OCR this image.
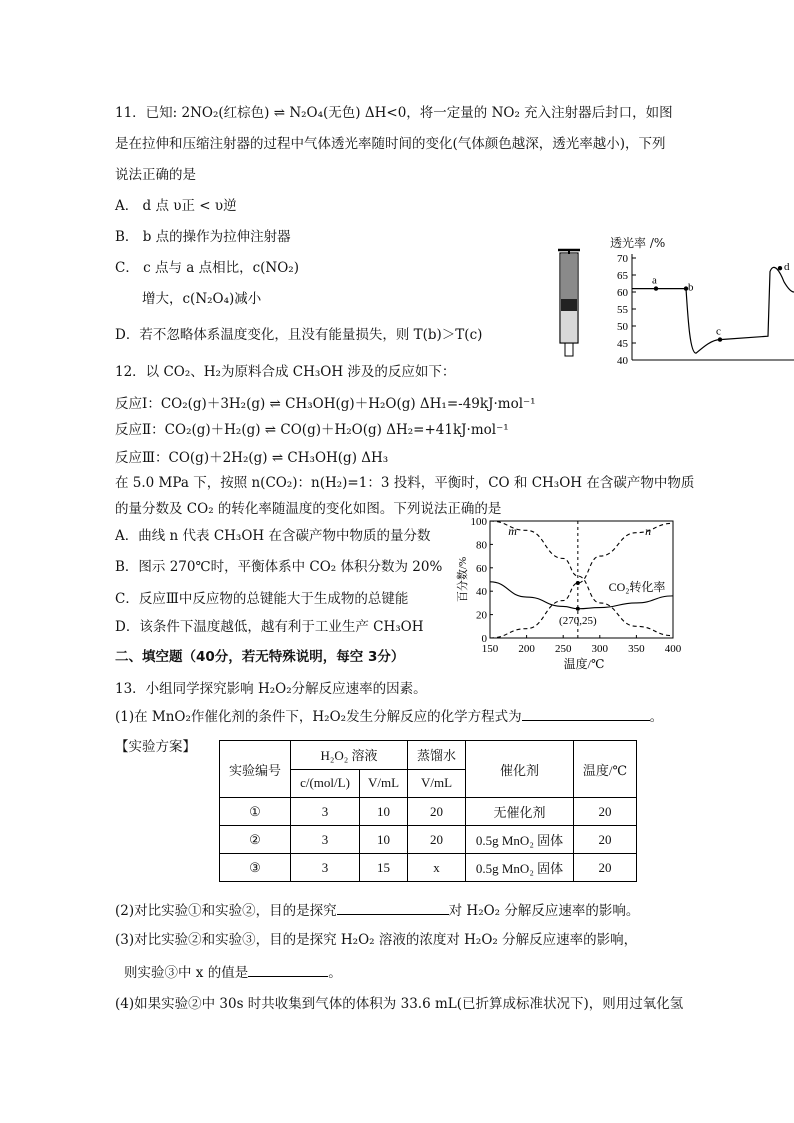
11．已知: 2NO₂(红棕色) ⇌ N₂O₄(无色) ΔH<0，将一定量的 NO₂ 充入注射器后封口，如图
是在拉伸和压缩注射器的过程中气体透光率随时间的变化(气体颜色越深，透光率越小)，下列
说法正确的是
A． d 点 υ正 < υ逆
B． b 点的操作为拉伸注射器
C． c 点与 a 点相比，c(NO₂)
增大，c(N₂O₄)减小
D．若不忽略体系温度变化，且没有能量损失，则 T(b)＞T(c)
透光率 /%
40
45
50
55
60
65
70
a
b
c
d
12．以 CO₂、H₂为原料合成 CH₃OH 涉及的反应如下：
反应Ⅰ：CO₂(g)＋3H₂(g) ⇌ CH₃OH(g)＋H₂O(g) ΔH₁=-49kJ·mol⁻¹
反应Ⅱ：CO₂(g)＋H₂(g) ⇌ CO(g)＋H₂O(g) ΔH₂=+41kJ·mol⁻¹
反应Ⅲ：CO(g)＋2H₂(g) ⇌ CH₃OH(g) ΔH₃
在 5.0 MPa 下，按照 n(CO₂)：n(H₂)=1：3 投料，平衡时，CO 和 CH₃OH 在含碳产物中物质
的量分数及 CO₂ 的转化率随温度的变化如图。下列说法正确的是
A．曲线 n 代表 CH₃OH 在含碳产物中物质的量分数
B．图示 270℃时，平衡体系中 CO₂ 体积分数为 20%
C．反应Ⅲ中反应物的总键能大于生成物的总键能
D．该条件下温度越低，越有利于工业生产 CH₃OH
150 200 250 300 350 400
0
20
40
60
80
100
温度/℃
百分数/%
m	n
CO₂转化率
(270,25)
二、填空题（40分，若无特殊说明，每空 3分）
13．小组同学探究影响 H₂O₂分解反应速率的因素。
(1)在 MnO₂作催化剂的条件下，H₂O₂发生分解反应的化学方程式为	。
【实验方案】
实验编号	H₂O₂ 溶液		蒸馏水	催化剂	温度/℃
	c/(mol/L)	V/mL	V/mL		
①	3	10	20	无催化剂	20
②	3	10	20	0.5g MnO₂ 固体	20
③	3	15	x	0.5g MnO₂ 固体	20
(2)对比实验①和实验②，目的是探究	对 H₂O₂ 分解反应速率的影响。
(3)对比实验②和实验③，目的是探究 H₂O₂ 溶液的浓度对 H₂O₂ 分解反应速率的影响，
则实验③中 x 的值是	。
(4)如果实验②中 30s 时共收集到气体的体积为 33.6 mL(已折算成标准状况下)，则用过氧化氢
